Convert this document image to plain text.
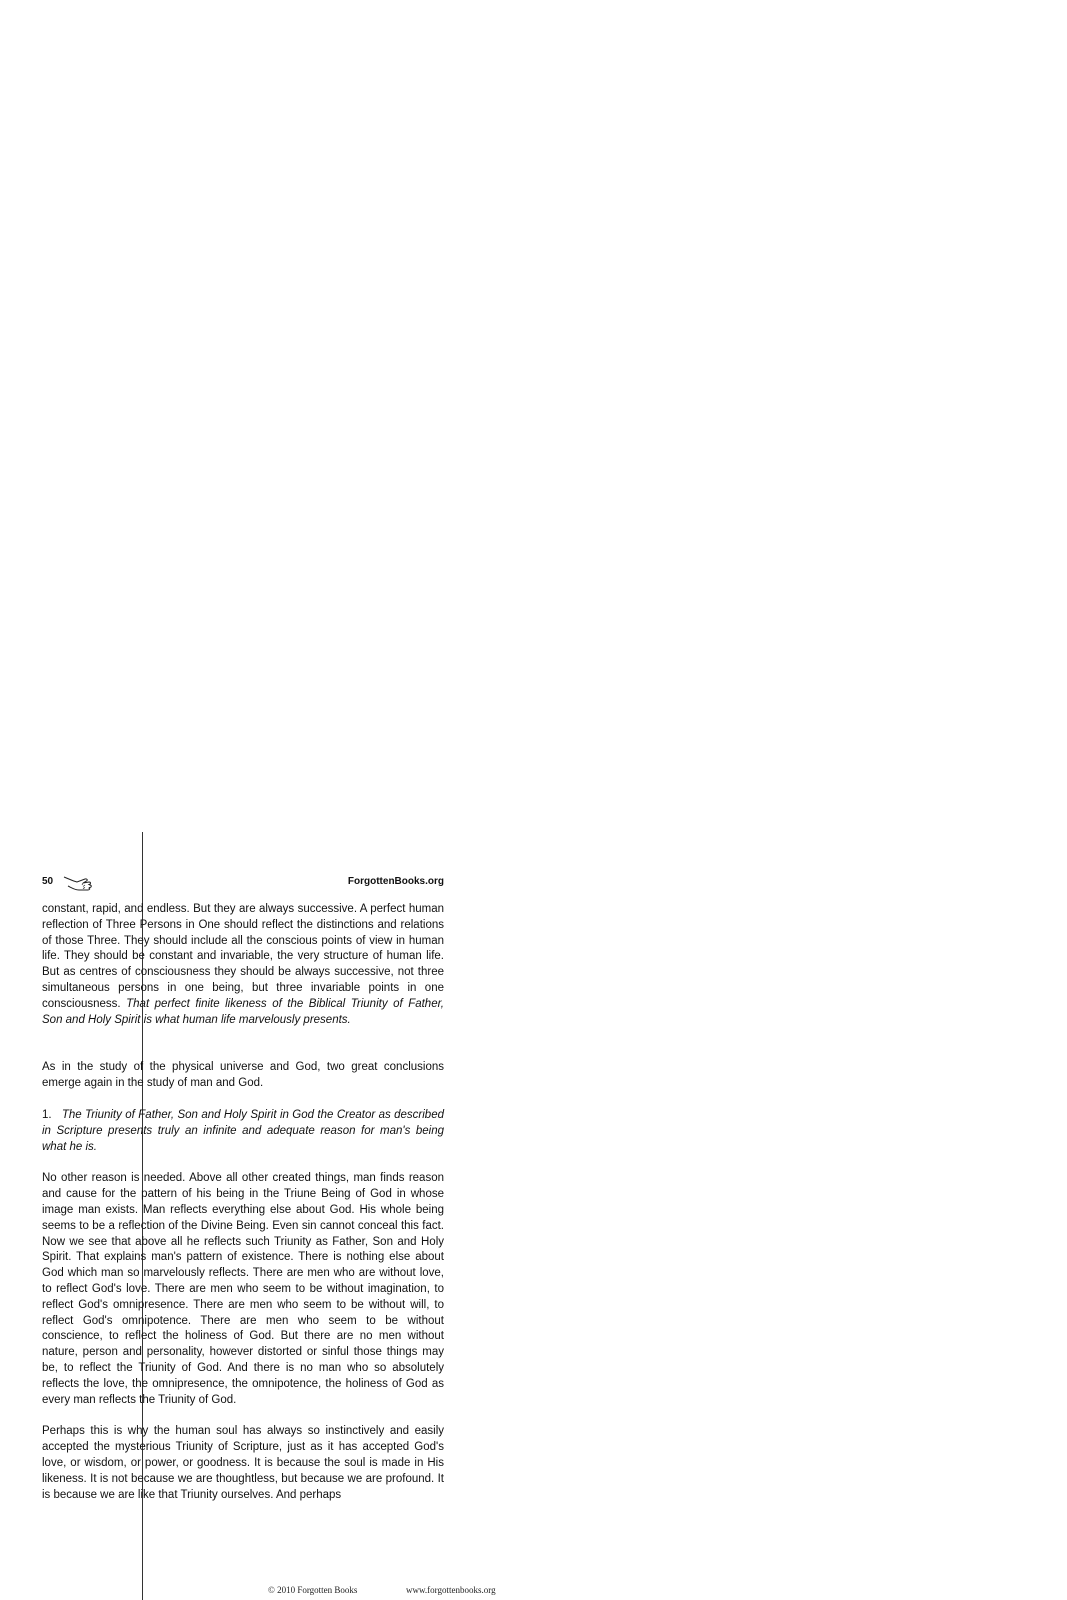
50	ForgottenBooks.org

constant, rapid, and endless. But they are always successive. A perfect human reflection of Three Persons in One should reflect the distinctions and relations of those Three. They should include all the conscious points of view in human life. They should be constant and invariable, the very structure of human life. But as centres of consciousness they should be always successive, not three simultaneous persons in one being, but three invariable points in one consciousness. That perfect finite likeness of the Biblical Triunity of Father, Son and Holy Spirit is what human life marvelously presents.

As in the study of the physical universe and God, two great conclusions emerge again in the study of man and God.

1. The Triunity of Father, Son and Holy Spirit in God the Creator as described in Scripture presents truly an infinite and adequate reason for man's being what he is.

No other reason is needed. Above all other created things, man finds reason and cause for the pattern of his being in the Triune Being of God in whose image man exists. Man reflects everything else about God. His whole being seems to be a reflection of the Divine Being. Even sin cannot conceal this fact. Now we see that above all he reflects such Triunity as Father, Son and Holy Spirit. That explains man's pattern of existence. There is nothing else about God which man so marvelously reflects. There are men who are without love, to reflect God's love. There are men who seem to be without imagination, to reflect God's omnipresence. There are men who seem to be without will, to reflect God's omnipotence. There are men who seem to be without conscience, to reflect the holiness of God. But there are no men without nature, person and personality, however distorted or sinful those things may be, to reflect the Triunity of God. And there is no man who so absolutely reflects the love, the omnipresence, the omnipotence, the holiness of God as every man reflects the Triunity of God.

Perhaps this is why the human soul has always so instinctively and easily accepted the mysterious Triunity of Scripture, just as it has accepted God's love, or wisdom, or power, or goodness. It is because the soul is made in His likeness. It is not because we are thoughtless, but because we are profound. It is because we are like that Triunity ourselves. And perhaps

© 2010 Forgotten Books	www.forgottenbooks.org
